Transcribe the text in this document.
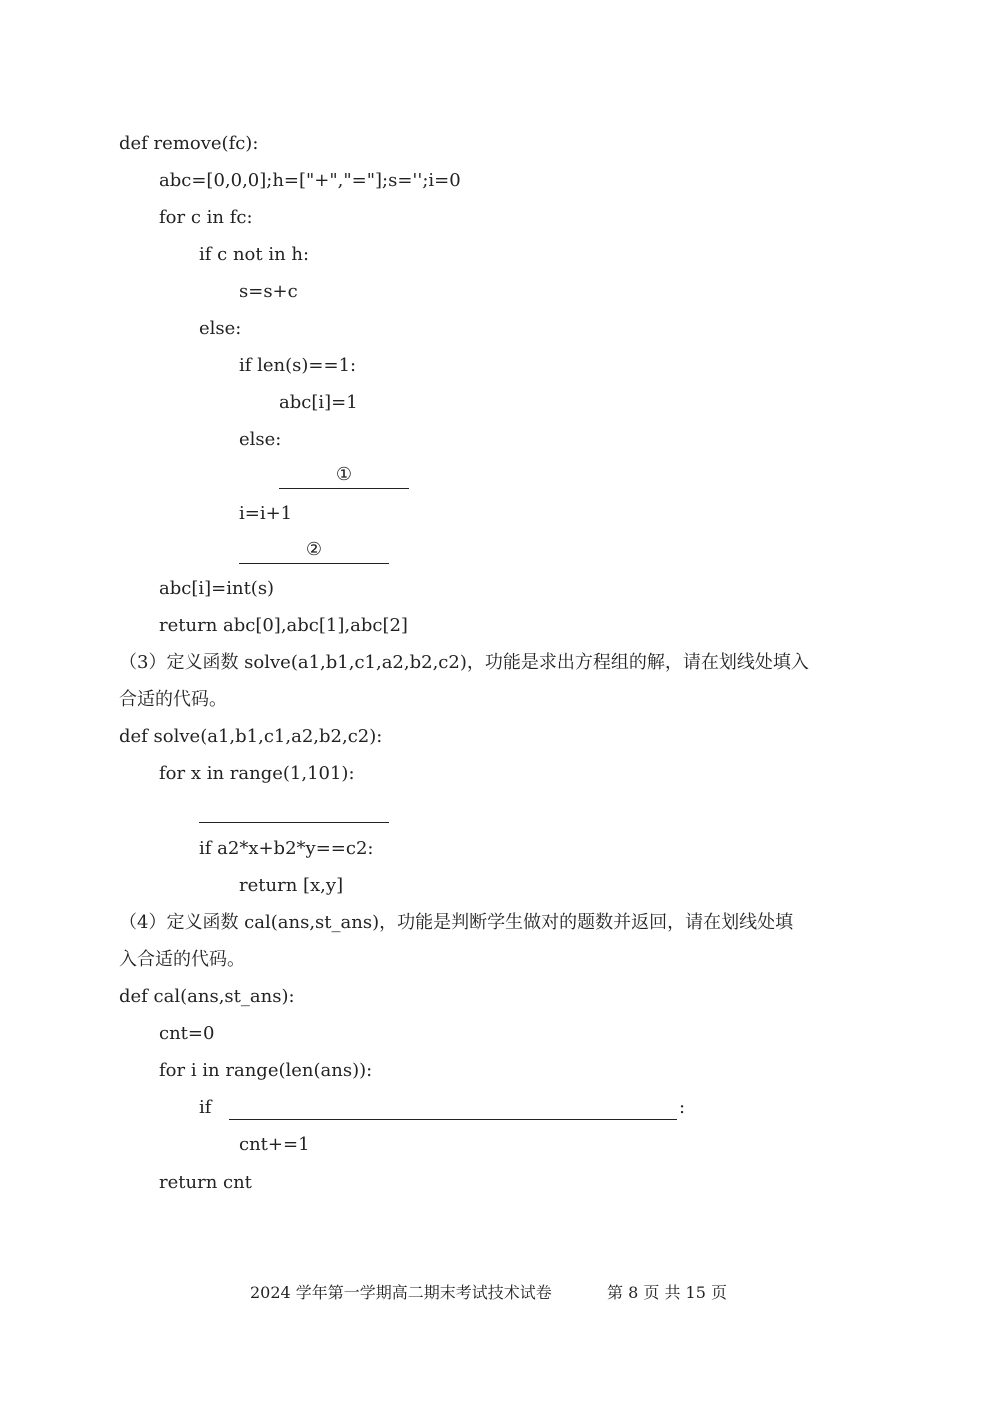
def remove(fc):
abc=[0,0,0];h=["+","="];s='';i=0
for c in fc:
if c not in h:
s=s+c
else:
if len(s)==1:
abc[i]=1
else:
①
i=i+1
②
abc[i]=int(s)
return abc[0],abc[1],abc[2]
（3）定义函数 solve(a1,b1,c1,a2,b2,c2)，功能是求出方程组的解，请在划线处填入
合适的代码。
def solve(a1,b1,c1,a2,b2,c2):
for x in range(1,101):
if a2*x+b2*y==c2:
return [x,y]
（4）定义函数 cal(ans,st_ans)，功能是判断学生做对的题数并返回，请在划线处填
入合适的代码。
def cal(ans,st_ans):
cnt=0
for i in range(len(ans)):
if	:
cnt+=1
return cnt
2024 学年第一学期高二期末考试技术试卷	第 8 页 共 15 页
